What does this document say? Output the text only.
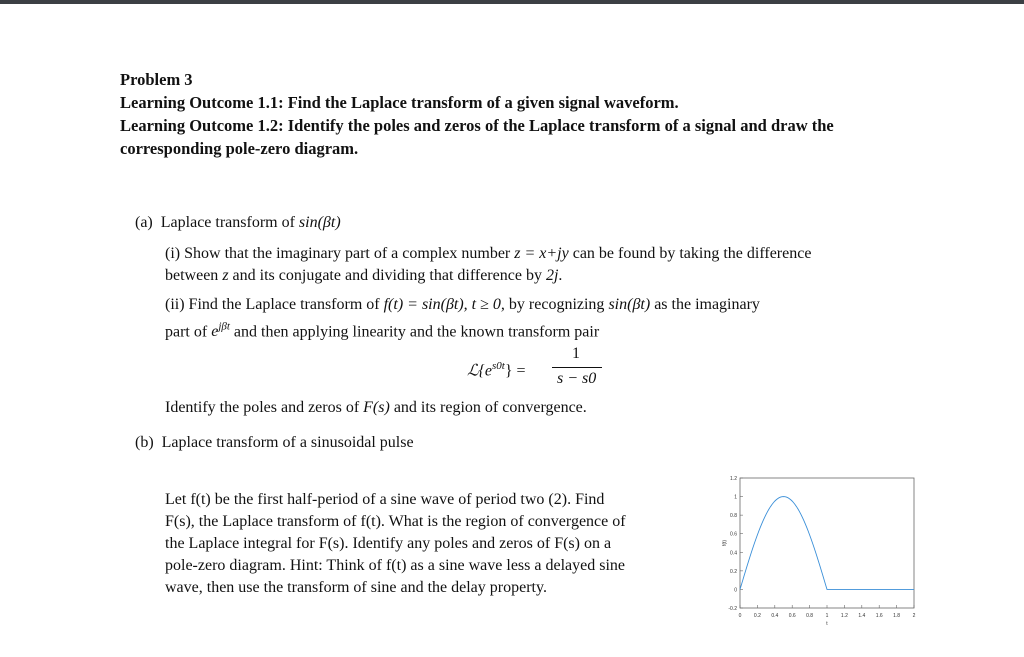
Problem 3
Learning Outcome 1.1: Find the Laplace transform of a given signal waveform.
Learning Outcome 1.2: Identify the poles and zeros of the Laplace transform of a signal and draw the
corresponding pole-zero diagram.
(a) Laplace transform of sin(βt)
(i) Show that the imaginary part of a complex number z = x+jy can be found by taking the difference
between z and its conjugate and dividing that difference by 2j.
(ii) Find the Laplace transform of f(t) = sin(βt), t ≥ 0, by recognizing sin(βt) as the imaginary
part of $e^{j\beta t}$ and then applying linearity and the known transform pair
$ℒ\{e^{s0t}\}$ =
1
s − s0
Identify the poles and zeros of F(s) and its region of convergence.
(b) Laplace transform of a sinusoidal pulse
Let f(t) be the first half-period of a sine wave of period two (2). Find
F(s), the Laplace transform of f(t). What is the region of convergence of
the Laplace integral for F(s). Identify any poles and zeros of F(s) on a
pole-zero diagram. Hint: Think of f(t) as a sine wave less a delayed sine
wave, then use the transform of sine and the delay property.
0	0.2 0.4 0.6 0.8	1	1.2 1.4 1.6 1.8	2
-0.2
0
0.2
0.4
0.6
0.8
1
1.2
t
f(t)
